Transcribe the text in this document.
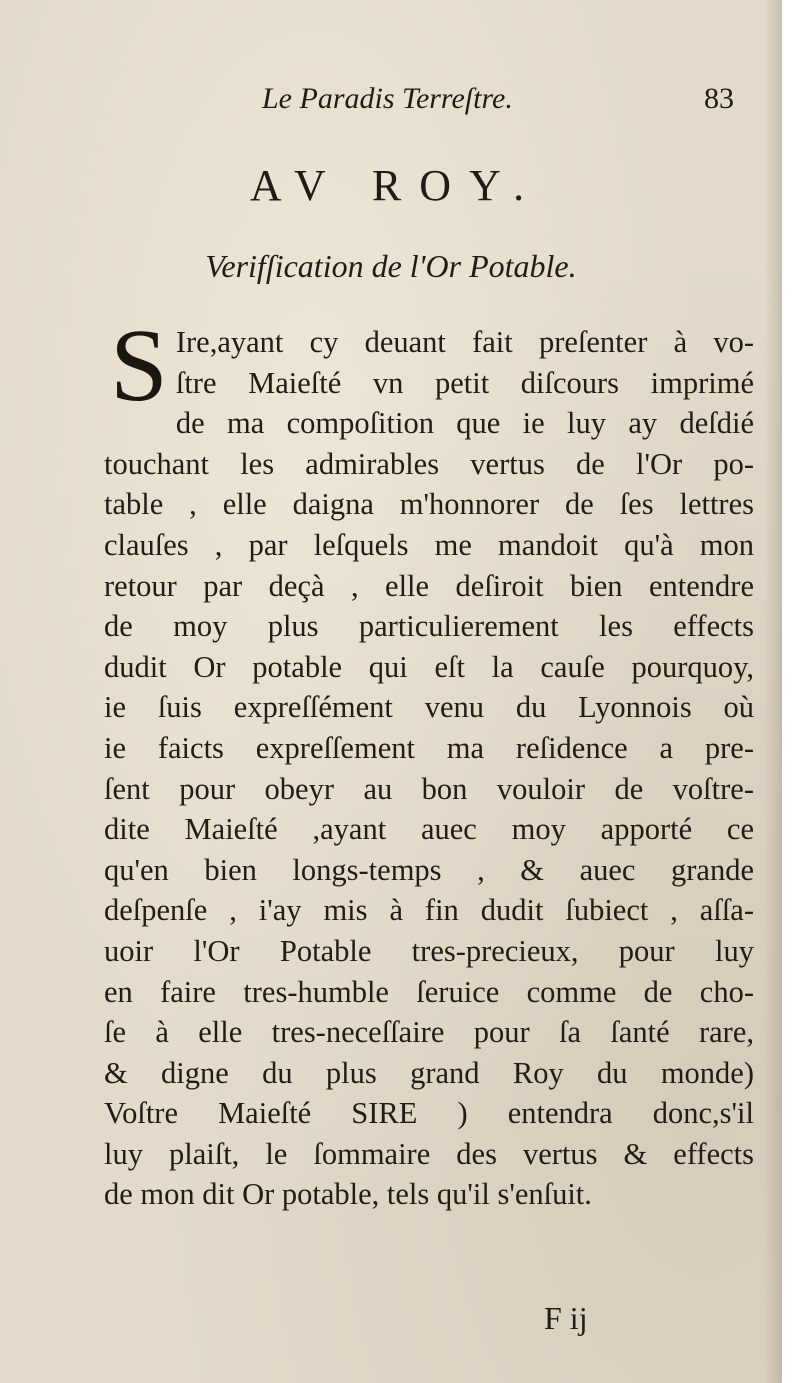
Le Paradis Terreſtre.	83
AV ROY.
Verifſication de l'Or Potable.
S Ire,ayant cy deuant fait preſenter à vo-
ſtre Maieſté vn petit diſcours imprimé
de ma compoſition que ie luy ay deſdié
touchant les admirables vertus de l'Or po-
table , elle daigna m'honnorer de ſes lettres
clauſes , par leſquels me mandoit qu'à mon
retour par deçà , elle deſiroit bien entendre
de moy plus particulierement les effects
dudit Or potable qui eſt la cauſe pourquoy,
ie ſuis expreſſément venu du Lyonnois où
ie faicts expreſſement ma reſidence a pre-
ſent pour obeyr au bon vouloir de voſtre-
dite Maieſté ,ayant auec moy apporté ce
qu'en bien longs-temps , & auec grande
deſpenſe , i'ay mis à fin dudit ſubiect , aſſa-
uoir l'Or Potable tres-precieux, pour luy
en faire tres-humble ſeruice comme de cho-
ſe à elle tres-neceſſaire pour ſa ſanté rare,
& digne du plus grand Roy du monde)
Voſtre Maieſté SIRE ) entendra donc,s'il
luy plaiſt, le ſommaire des vertus & effects
de mon dit Or potable, tels qu'il s'enſuit.
F ij
